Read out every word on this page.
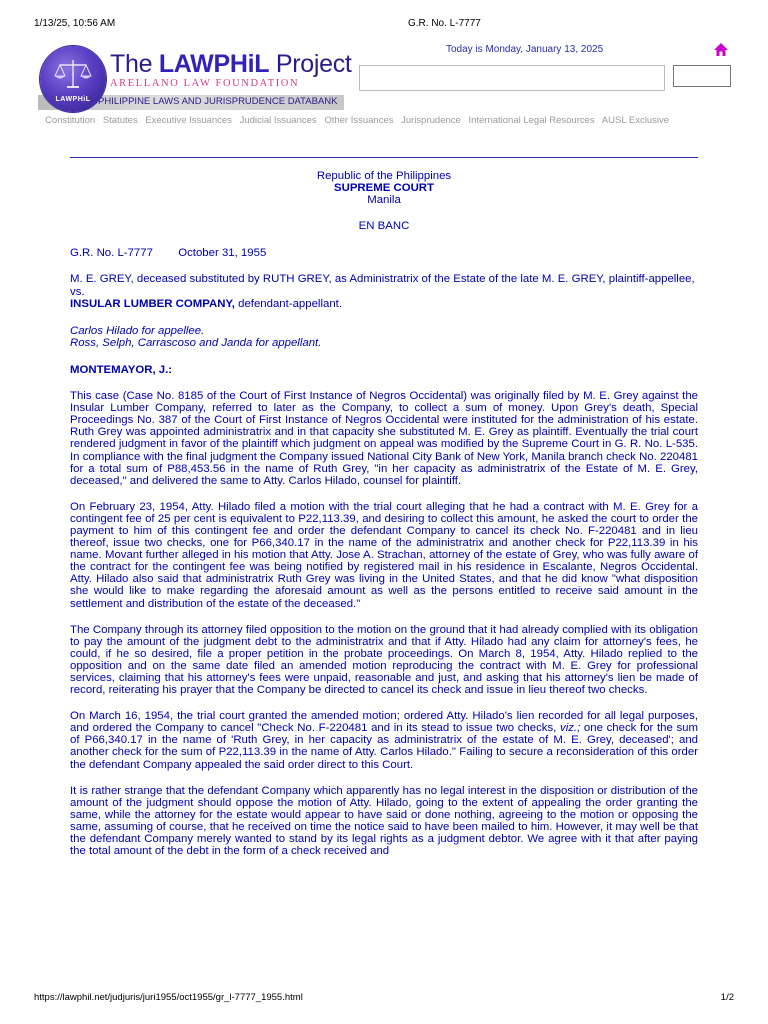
1/13/25, 10:56 AM	G.R. No. L-7777
PHILIPPINE LAWS AND JURISPRUDENCE DATABANK
LAWPHiL
The LAWPHiL Project
ARELLANO LAW FOUNDATION
Today is Monday, January 13, 2025
Constitution Statutes Executive Issuances Judicial Issuances Other Issuances Jurisprudence International Legal Resources AUSL Exclusive

Republic of the Philippines

SUPREME COURT

Manila

EN BANC

G.R. No. L-7777        October 31, 1955

M. E. GREY, deceased substituted by RUTH GREY, as Administratrix of the Estate of the late M. E. GREY, plaintiff-appellee,

vs.

INSULAR LUMBER COMPANY, defendant-appellant.

Carlos Hilado for appellee.

Ross, Selph, Carrascoso and Janda for appellant.

MONTEMAYOR, J.:

This case (Case No. 8185 of the Court of First Instance of Negros Occidental) was originally filed by M. E. Grey against the Insular Lumber Company, referred to later as the Company, to collect a sum of money. Upon Grey's death, Special Proceedings No. 387 of the Court of First Instance of Negros Occidental were instituted for the administration of his estate. Ruth Grey was appointed administratrix and in that capacity she substituted M. E. Grey as plaintiff. Eventually the trial court rendered judgment in favor of the plaintiff which judgment on appeal was modified by the Supreme Court in G. R. No. L-535. In compliance with the final judgment the Company issued National City Bank of New York, Manila branch check No. 220481 for a total sum of P88,453.56 in the name of Ruth Grey, "in her capacity as administratrix of the Estate of M. E. Grey, deceased," and delivered the same to Atty. Carlos Hilado, counsel for plaintiff.

On February 23, 1954, Atty. Hilado filed a motion with the trial court alleging that he had a contract with M. E. Grey for a contingent fee of 25 per cent is equivalent to P22,113.39, and desiring to collect this amount, he asked the court to order the payment to him of this contingent fee and order the defendant Company to cancel its check No. F-220481 and in lieu thereof, issue two checks, one for P66,340.17 in the name of the administratrix and another check for P22,113.39 in his name. Movant further alleged in his motion that Atty. Jose A. Strachan, attorney of the estate of Grey, who was fully aware of the contract for the contingent fee was being notified by registered mail in his residence in Escalante, Negros Occidental. Atty. Hilado also said that administratrix Ruth Grey was living in the United States, and that he did know "what disposition she would like to make regarding the aforesaid amount as well as the persons entitled to receive said amount in the settlement and distribution of the estate of the deceased."

The Company through its attorney filed opposition to the motion on the ground that it had already complied with its obligation to pay the amount of the judgment debt to the administratrix and that if Atty. Hilado had any claim for attorney's fees, he could, if he so desired, file a proper petition in the probate proceedings. On March 8, 1954, Atty. Hilado replied to the opposition and on the same date filed an amended motion reproducing the contract with M. E. Grey for professional services, claiming that his attorney's fees were unpaid, reasonable and just, and asking that his attorney's lien be made of record, reiterating his prayer that the Company be directed to cancel its check and issue in lieu thereof two checks.

On March 16, 1954, the trial court granted the amended motion; ordered Atty. Hilado's lien recorded for all legal purposes, and ordered the Company to cancel "Check No. F-220481 and in its stead to issue two checks, viz.; one check for the sum of P66,340.17 in the name of 'Ruth Grey, in her capacity as administratrix of the estate of M. E. Grey, deceased'; and another check for the sum of P22,113.39 in the name of Atty. Carlos Hilado." Failing to secure a reconsideration of this order the defendant Company appealed the said order direct to this Court.

It is rather strange that the defendant Company which apparently has no legal interest in the disposition or distribution of the amount of the judgment should oppose the motion of Atty. Hilado, going to the extent of appealing the order granting the same, while the attorney for the estate would appear to have said or done nothing, agreeing to the motion or opposing the same, assuming of course, that he received on time the notice said to have been mailed to him. However, it may well be that the defendant Company merely wanted to stand by its legal rights as a judgment debtor. We agree with it that after paying the total amount of the debt in the form of a check received and

https://lawphil.net/judjuris/juri1955/oct1955/gr_l-7777_1955.html	1/2
